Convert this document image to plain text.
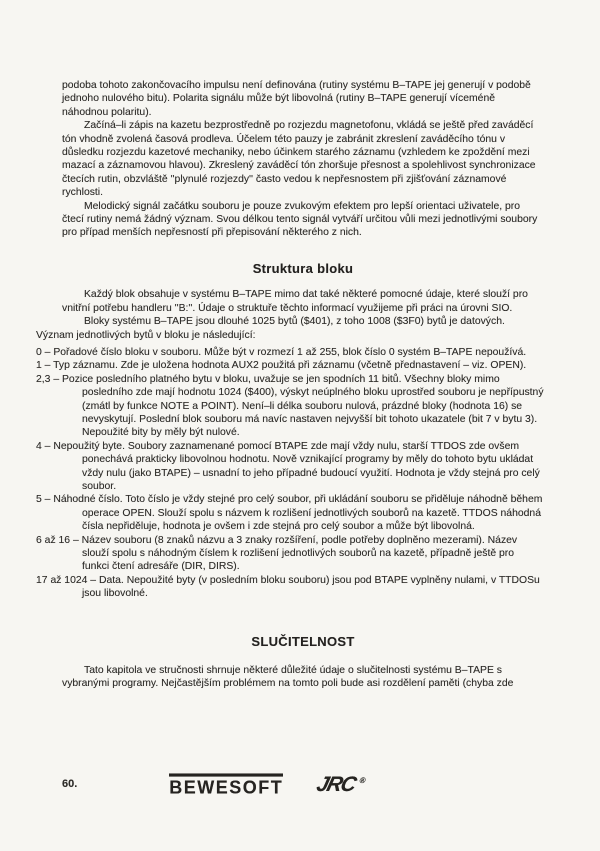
podoba tohoto zakončovacího impulsu není definována (rutiny systému B–TAPE jej generují v podobě jednoho nulového bitu). Polarita signálu může být libovolná (rutiny B–TAPE generují víceméně náhodnou polaritu).

Začíná–li zápis na kazetu bezprostředně po rozjezdu magnetofonu, vkládá se ještě před zaváděcí tón vhodně zvolená časová prodleva. Účelem této pauzy je zabránit zkreslení zaváděcího tónu v důsledku rozjezdu kazetové mechaniky, nebo účinkem starého záznamu (vzhledem ke zpoždění mezi mazací a záznamovou hlavou). Zkreslený zaváděcí tón zhoršuje přesnost a spolehlivost synchronizace čtecích rutin, obzvláště ''plynulé rozjezdy'' často vedou k nepřesnostem při zjišťování záznamové rychlosti.

Melodický signál začátku souboru je pouze zvukovým efektem pro lepší orientaci uživatele, pro čtecí rutiny nemá žádný význam. Svou délkou tento signál vytváří určitou vůli mezi jednotlivými soubory pro případ menších nepřesností při přepisování některého z nich.

Struktura bloku

Každý blok obsahuje v systému B–TAPE mimo dat také některé pomocné údaje, které slouží pro vnitřní potřebu handleru ''B:''. Údaje o struktuře těchto informací využijeme při práci na úrovni SIO.

Bloky systému B–TAPE jsou dlouhé 1025 bytů ($401), z toho 1008 ($3F0) bytů je datových.

Význam jednotlivých bytů v bloku je následující:

0 – Pořadové číslo bloku v souboru. Může být v rozmezí 1 až 255, blok číslo 0 systém B–TAPE nepoužívá.
1 – Typ záznamu. Zde je uložena hodnota AUX2 použitá při záznamu (včetně přednastavení – viz. OPEN).
2,3 – Pozice posledního platného bytu v bloku, uvažuje se jen spodních 11 bitů. Všechny bloky mimo posledního zde mají hodnotu 1024 ($400), výskyt neúplného bloku uprostřed souboru je nepřípustný (zmátl by funkce NOTE a POINT). Není–li délka souboru nulová, prázdné bloky (hodnota 16) se nevyskytují. Poslední blok souboru má navíc nastaven nejvyšší bit tohoto ukazatele (bit 7 v bytu 3). Nepoužité bity by měly být nulové.
4 – Nepoužitý byte. Soubory zaznamenané pomocí BTAPE zde mají vždy nulu, starší TTDOS zde ovšem ponechává prakticky libovolnou hodnotu. Nově vznikající programy by měly do tohoto bytu ukládat vždy nulu (jako BTAPE) – usnadní to jeho případné budoucí využití. Hodnota je vždy stejná pro celý soubor.
5 – Náhodné číslo. Toto číslo je vždy stejné pro celý soubor, při ukládání souboru se přiděluje náhodně během operace OPEN. Slouží spolu s názvem k rozlišení jednotlivých souborů na kazetě. TTDOS náhodná čísla nepřiděluje, hodnota je ovšem i zde stejná pro celý soubor a může být libovolná.
6 až 16 – Název souboru (8 znaků názvu a 3 znaky rozšíření, podle potřeby doplněno mezerami). Název slouží spolu s náhodným číslem k rozlišení jednotlivých souborů na kazetě, případně ještě pro funkci čtení adresáře (DIR, DIRS).
17 až 1024 – Data. Nepoužité byty (v posledním bloku souboru) jsou pod BTAPE vyplněny nulami, v TTDOSu jsou libovolné.
SLUČITELNOST

Tato kapitola ve stručnosti shrnuje některé důležité údaje o slučitelnosti systému B–TAPE s vybranými programy. Nejčastějším problémem na tomto poli bude asi rozdělení paměti (chyba zde

60.	BEWESOFT JRC®
